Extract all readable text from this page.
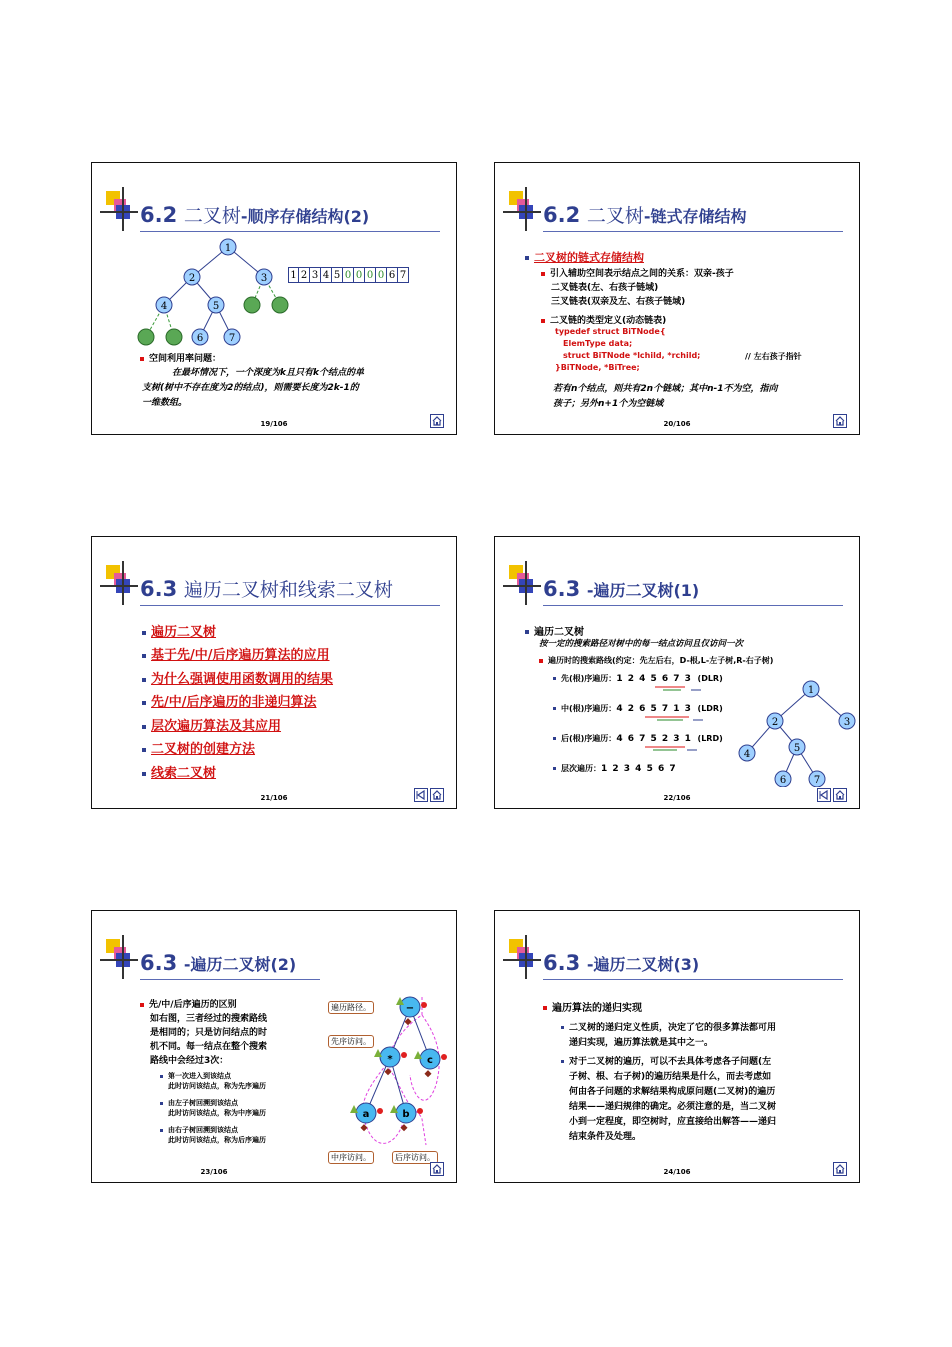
6.2 二叉树-顺序存储结构(2)
1
2	3
4	5
6	7
1 2 3 4 5 0 0 0 0 6 7
空间利用率问题：
在最坏情况下，一个深度为k且只有k个结点的单
支树(树中不存在度为2的结点)，则需要长度为2k-1的
一维数组。
19/106
6.2 二叉树-链式存储结构
二叉树的链式存储结构
引入辅助空间表示结点之间的关系：双亲-孩子
二叉链表(左、右孩子链域)
三叉链表(双亲及左、右孩子链域)
二叉链的类型定义(动态链表)
typedef struct BiTNode{
ElemType data;
struct BiTNode *lchild, *rchild;	// 左右孩子指针
}BiTNode, *BiTree;
若有n个结点，则共有2n个链域；其中n-1不为空，指向
孩子；另外n+1个为空链域
20/106
6.3 遍历二叉树和线索二叉树
遍历二叉树
基于先/中/后序遍历算法的应用
为什么强调使用函数调用的结果
先/中/后序遍历的非递归算法
层次遍历算法及其应用
二叉树的创建方法
线索二叉树
21/106
6.3 -遍历二叉树(1)
遍历二叉树
按一定的搜索路径对树中的每一结点访问且仅访问一次
遍历时的搜索路线(约定：先左后右，D-根,L-左子树,R-右子树)
先(根)序遍历：1 2 4 5 6 7 3 (DLR)
中(根)序遍历：4 2 6 5 7 1 3 (LDR)
后(根)序遍历：4 6 7 5 2 3 1 (LRD)
层次遍历：1 2 3 4 5 6 7
1
2	3
4
5
6	7
22/106
6.3 -遍历二叉树(2)
先/中/后序遍历的区别
如右图，三者经过的搜索路线
是相同的；只是访问结点的时
机不同。每一结点在整个搜索
路线中会经过3次：
第一次进入到该结点
此时访问该结点，称为先序遍历
由左子树回溯到该结点
此时访问该结点，称为中序遍历
由右子树回溯到该结点
此时访问该结点，称为后序遍历
−
*	c
a	b
遍历路径。
先序访问。
中序访问。	后序访问。
23/106
6.3 -遍历二叉树(3)
遍历算法的递归实现
二叉树的递归定义性质，决定了它的很多算法都可用
递归实现，遍历算法就是其中之一。
对于二叉树的遍历，可以不去具体考虑各子问题(左
子树、根、右子树)的遍历结果是什么，而去考虑如
何由各子问题的求解结果构成原问题(二叉树)的遍历
结果——递归规律的确定。必须注意的是，当二叉树
小到一定程度，即空树时，应直接给出解答——递归
结束条件及处理。
24/106
